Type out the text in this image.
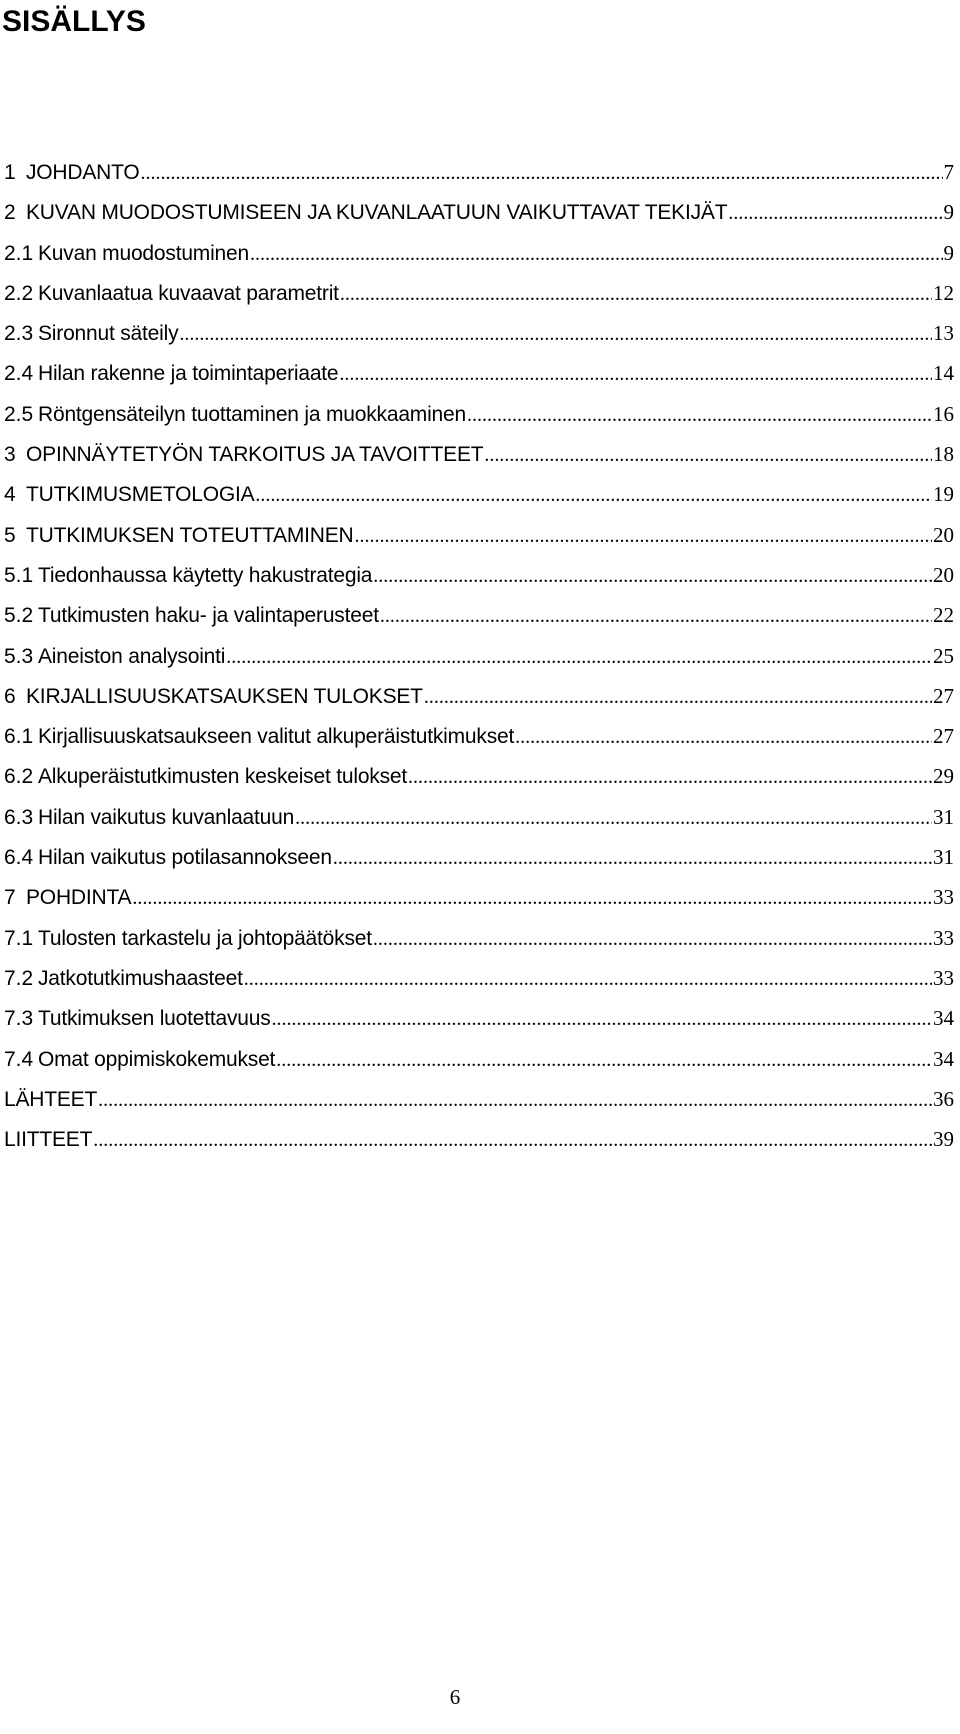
SISÄLLYS
1 JOHDANTO .....	7
2 KUVAN MUODOSTUMISEEN JA KUVANLAATUUN VAIKUTTAVAT TEKIJÄT .....	9
2.1 Kuvan muodostuminen .....	9
2.2 Kuvanlaatua kuvaavat parametrit .....	12
2.3 Sironnut säteily .....	13
2.4 Hilan rakenne ja toimintaperiaate .....	14
2.5 Röntgensäteilyn tuottaminen ja muokkaaminen .....	16
3 OPINNÄYTETYÖN TARKOITUS JA TAVOITTEET .....	18
4 TUTKIMUSMETOLOGIA .....	19
5 TUTKIMUKSEN TOTEUTTAMINEN .....	20
5.1 Tiedonhaussa käytetty hakustrategia .....	20
5.2 Tutkimusten haku- ja valintaperusteet .....	22
5.3 Aineiston analysointi .....	25
6 KIRJALLISUUSKATSAUKSEN TULOKSET .....	27
6.1 Kirjallisuuskatsaukseen valitut alkuperäistutkimukset .....	27
6.2 Alkuperäistutkimusten keskeiset tulokset .....	29
6.3 Hilan vaikutus kuvanlaatuun .....	31
6.4 Hilan vaikutus potilasannokseen .....	31
7 POHDINTA .....	33
7.1 Tulosten tarkastelu ja johtopäätökset .....	33
7.2 Jatkotutkimushaasteet .....	33
7.3 Tutkimuksen luotettavuus .....	34
7.4 Omat oppimiskokemukset .....	34
LÄHTEET .....	36
LIITTEET .....	39
6
